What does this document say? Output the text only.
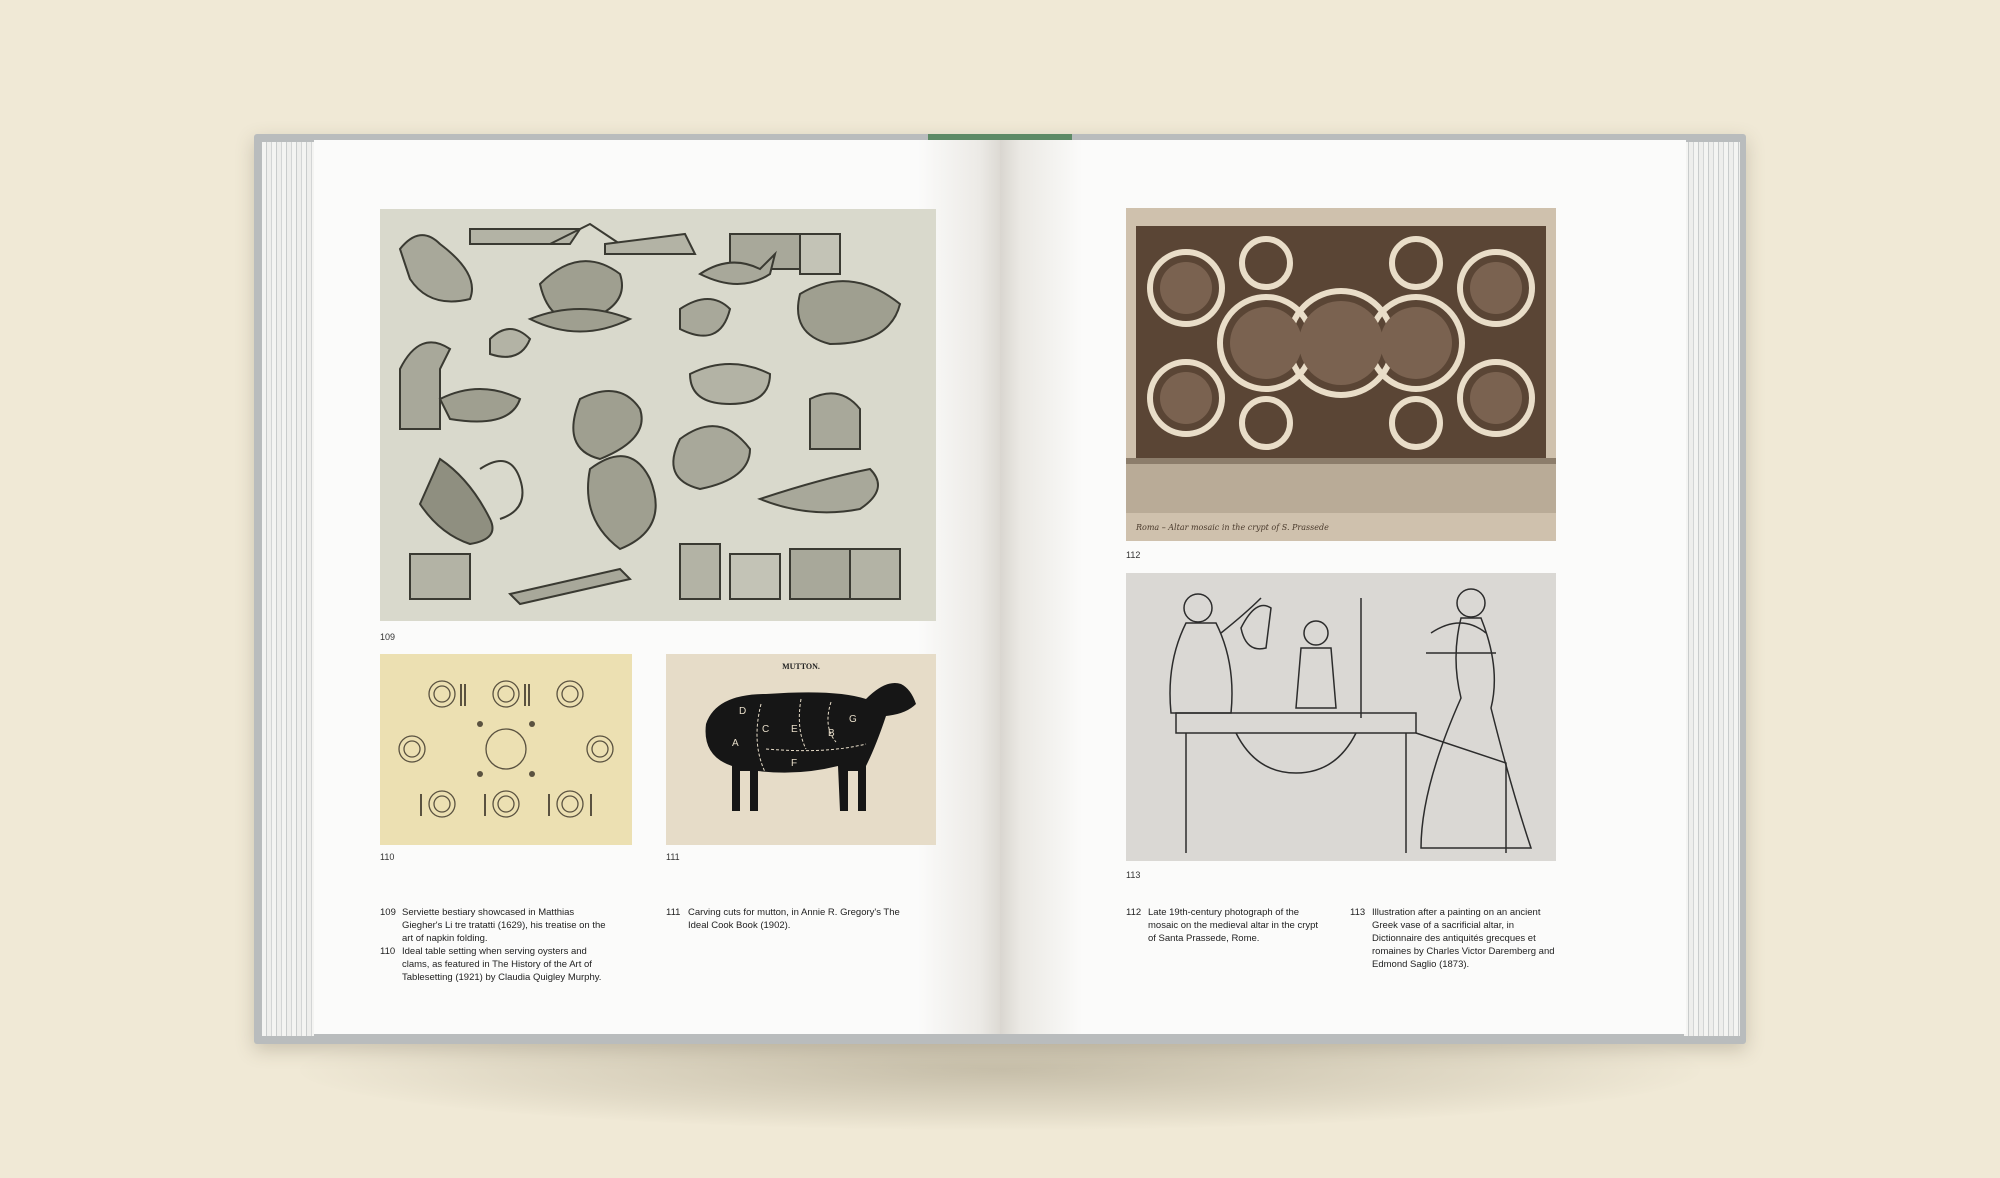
109
110
MUTTON.
A
C
D
E	B
F
G
111
109 Serviette bestiary showcased in Matthias Giegher's Li tre tratatti (1629), his treatise on the art of napkin folding.
110 Ideal table setting when serving oysters and clams, as featured in The History of the Art of Tablesetting (1921) by Claudia Quigley Murphy.
111 Carving cuts for mutton, in Annie R. Gregory's The Ideal Cook Book (1902).
Roma – Altar mosaic in the crypt of S. Prassede
112
113
112 Late 19th-century photograph of the mosaic on the medieval altar in the crypt of Santa Prassede, Rome.
113 Illustration after a painting on an ancient Greek vase of a sacrificial altar, in Dictionnaire des antiquités grecques et romaines by Charles Victor Daremberg and Edmond Saglio (1873).
